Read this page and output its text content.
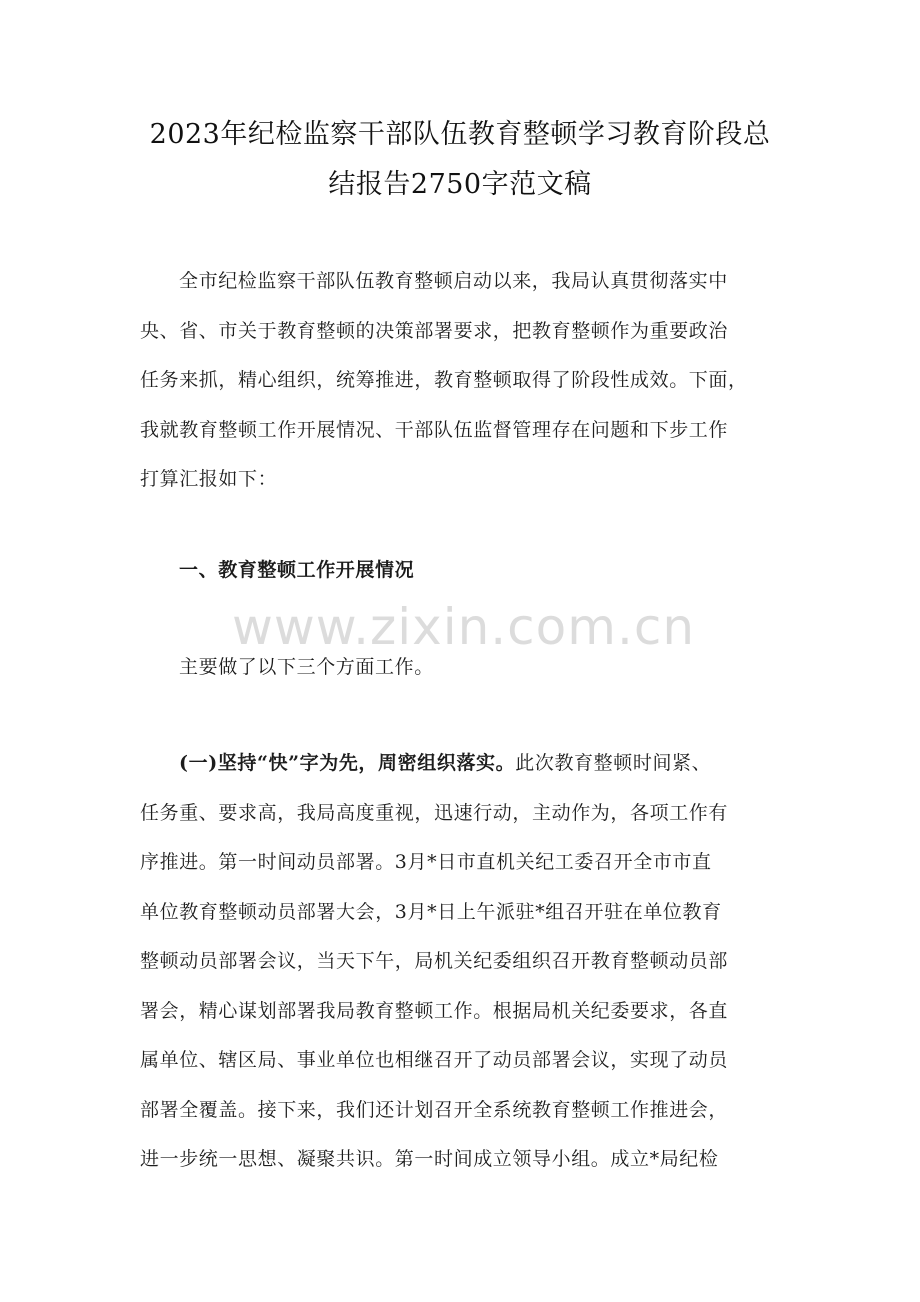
2023年纪检监察干部队伍教育整顿学习教育阶段总
结报告2750字范文稿
全市纪检监察干部队伍教育整顿启动以来，我局认真贯彻落实中
央、省、市关于教育整顿的决策部署要求，把教育整顿作为重要政治
任务来抓，精心组织，统筹推进，教育整顿取得了阶段性成效。下面，
我就教育整顿工作开展情况、干部队伍监督管理存在问题和下步工作
打算汇报如下：
一、教育整顿工作开展情况
主要做了以下三个方面工作。
www.zixin.com.cn
(一)坚持“快”字为先，周密组织落实。此次教育整顿时间紧、
任务重、要求高，我局高度重视，迅速行动，主动作为，各项工作有
序推进。第一时间动员部署。3月*日市直机关纪工委召开全市市直
单位教育整顿动员部署大会，3月*日上午派驻*组召开驻在单位教育
整顿动员部署会议，当天下午，局机关纪委组织召开教育整顿动员部
署会，精心谋划部署我局教育整顿工作。根据局机关纪委要求，各直
属单位、辖区局、事业单位也相继召开了动员部署会议，实现了动员
部署全覆盖。接下来，我们还计划召开全系统教育整顿工作推进会，
进一步统一思想、凝聚共识。第一时间成立领导小组。成立*局纪检
